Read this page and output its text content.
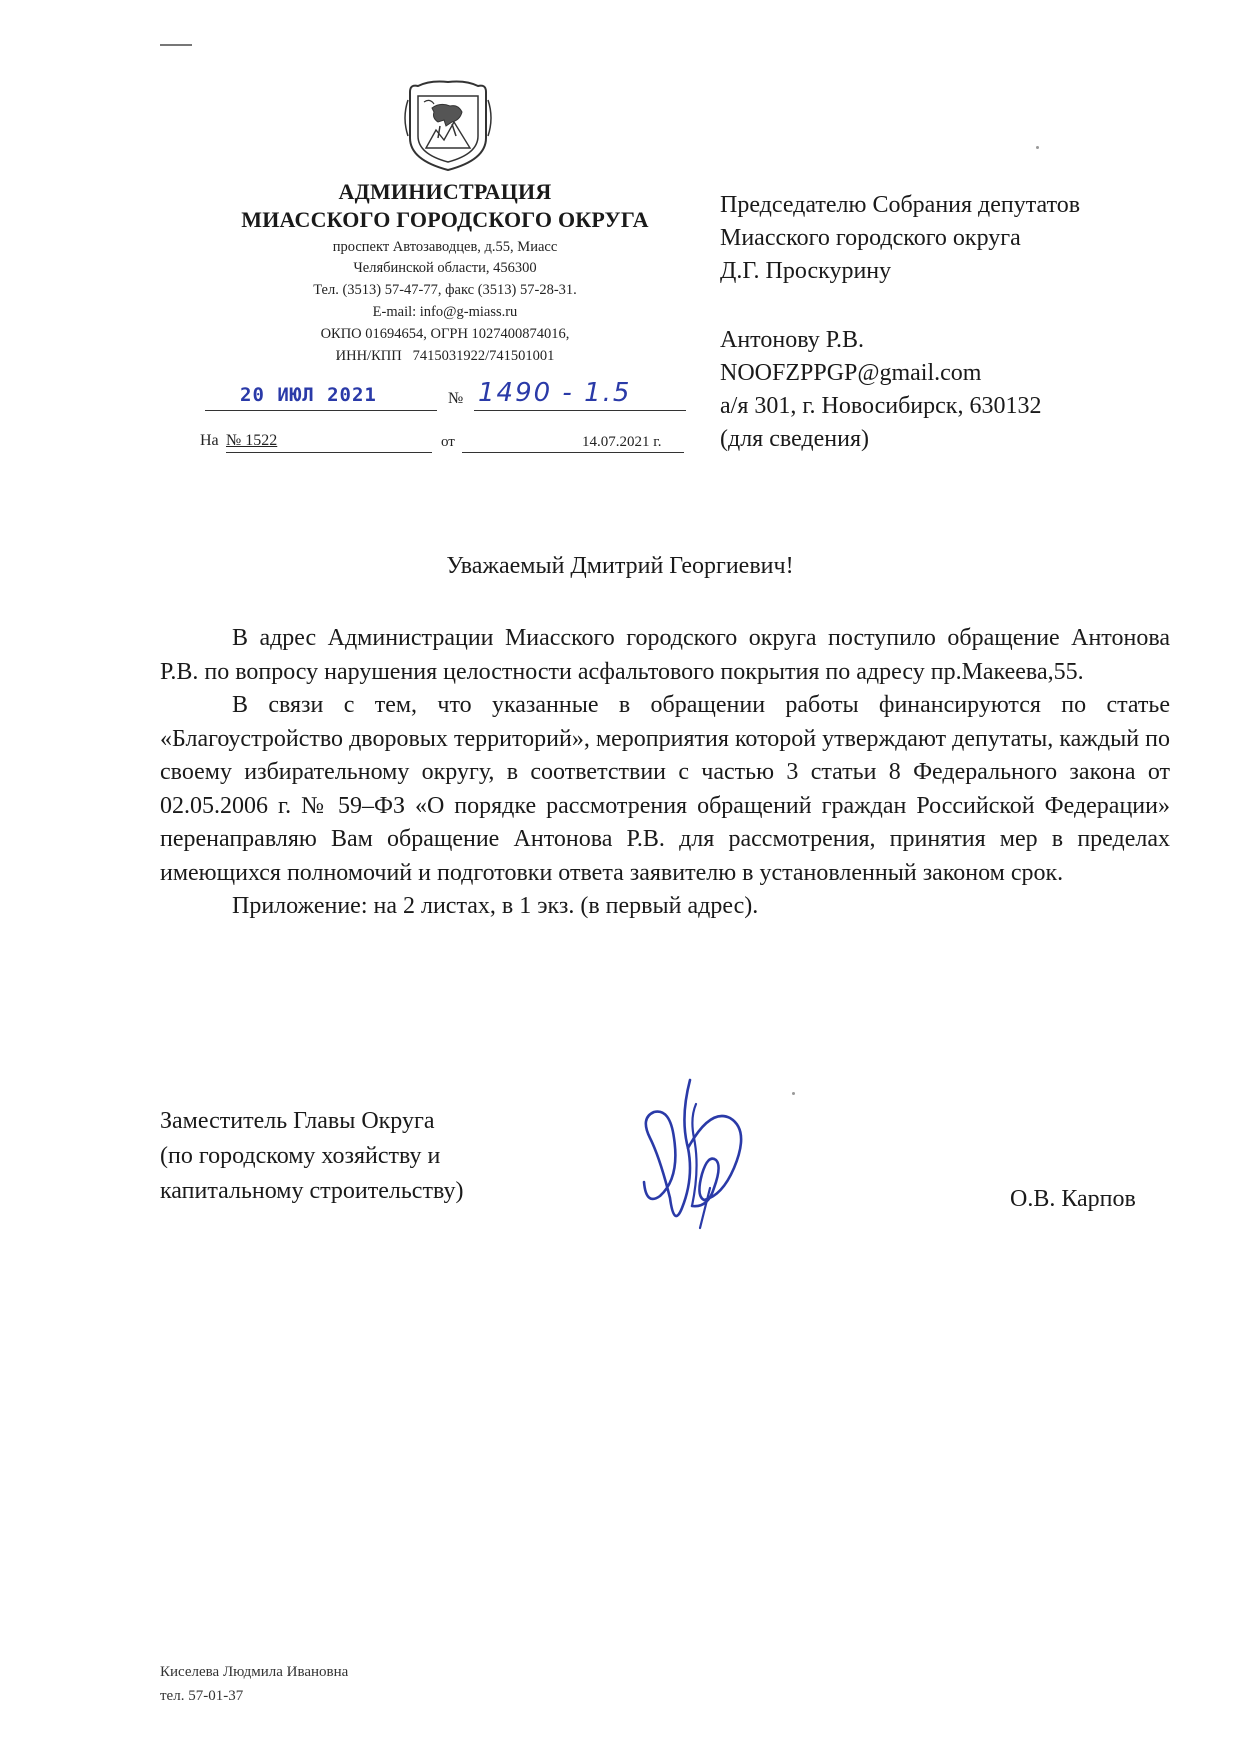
АДМИНИСТРАЦИЯ
МИАССКОГО ГОРОДСКОГО ОКРУГА
проспект Автозаводцев, д.55, Миасс
Челябинской области, 456300
Тел. (3513) 57-47-77, факс (3513) 57-28-31.
E-mail: info@g-miass.ru
ОКПО 01694654, ОГРН 1027400874016,
ИНН/КПП   7415031922/741501001
20 ИЮЛ 2021	№ 1490 - 1.5
На № 1522	от	14.07.2021 г.
Председателю Собрания депутатов
Миасского городского округа
Д.Г. Проскурину
Антонову Р.В.
NOOFZPPGP@gmail.com
а/я 301, г. Новосибирск, 630132
(для сведения)
Уважаемый Дмитрий Георгиевич!

В адрес Администрации Миасского городского округа поступило обращение Антонова Р.В. по вопросу нарушения целостности асфальтового покрытия по адресу пр.Макеева,55.

В связи с тем, что указанные в обращении работы финансируются по статье «Благоустройство дворовых территорий», мероприятия которой утверждают депутаты, каждый по своему избирательному округу, в соответствии с частью 3 статьи 8 Федерального закона от 02.05.2006 г. № 59–ФЗ «О порядке рассмотрения обращений граждан Российской Федерации» перенаправляю Вам обращение Антонова Р.В. для рассмотрения, принятия мер в пределах имеющихся полномочий и подготовки ответа заявителю в установленный законом срок.

Приложение: на 2 листах, в 1 экз. (в первый адрес).

Заместитель Главы Округа
(по городскому хозяйству и
капитальному строительству)	О.В. Карпов
Киселева Людмила Ивановна
тел. 57-01-37
